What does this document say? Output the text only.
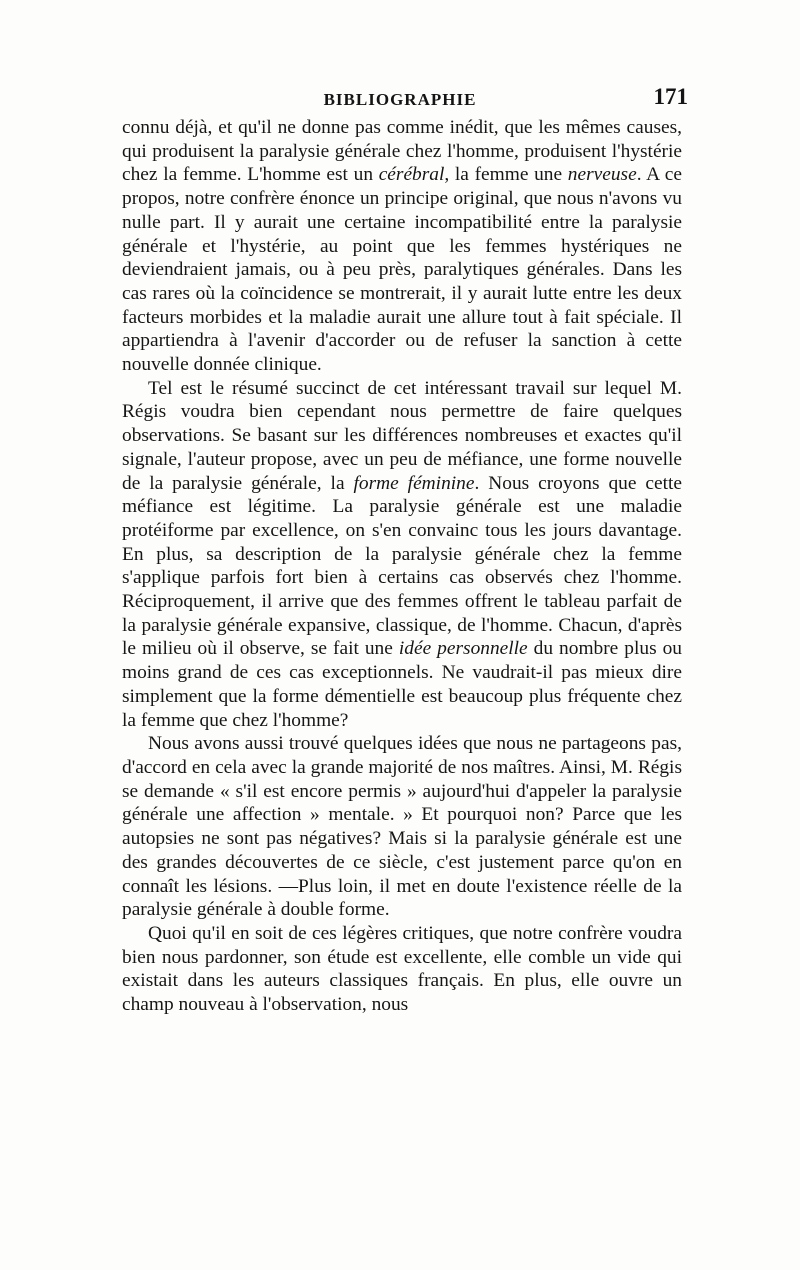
BIBLIOGRAPHIE	171

connu déjà, et qu'il ne donne pas comme inédit, que les mêmes causes, qui produisent la paralysie générale chez l'homme, produisent l'hystérie chez la femme. L'homme est un cérébral, la femme une nerveuse. A ce propos, notre confrère énonce un principe original, que nous n'avons vu nulle part. Il y aurait une certaine incompatibilité entre la paralysie générale et l'hystérie, au point que les femmes hystériques ne deviendraient jamais, ou à peu près, paralytiques générales. Dans les cas rares où la coïncidence se montrerait, il y aurait lutte entre les deux facteurs morbides et la maladie aurait une allure tout à fait spéciale. Il appartiendra à l'avenir d'accorder ou de refuser la sanction à cette nouvelle donnée clinique.

Tel est le résumé succinct de cet intéressant travail sur lequel M. Régis voudra bien cependant nous permettre de faire quelques observations. Se basant sur les différences nombreuses et exactes qu'il signale, l'auteur propose, avec un peu de méfiance, une forme nouvelle de la paralysie générale, la forme féminine. Nous croyons que cette méfiance est légitime. La paralysie générale est une maladie protéiforme par excellence, on s'en convainc tous les jours davantage. En plus, sa description de la paralysie générale chez la femme s'applique parfois fort bien à certains cas observés chez l'homme. Réciproquement, il arrive que des femmes offrent le tableau parfait de la paralysie générale expansive, classique, de l'homme. Chacun, d'après le milieu où il observe, se fait une idée personnelle du nombre plus ou moins grand de ces cas exceptionnels. Ne vaudrait-il pas mieux dire simplement que la forme démentielle est beaucoup plus fréquente chez la femme que chez l'homme?

Nous avons aussi trouvé quelques idées que nous ne partageons pas, d'accord en cela avec la grande majorité de nos maîtres. Ainsi, M. Régis se demande « s'il est encore permis » aujourd'hui d'appeler la paralysie générale une affection » mentale. » Et pourquoi non? Parce que les autopsies ne sont pas négatives? Mais si la paralysie générale est une des grandes découvertes de ce siècle, c'est justement parce qu'on en connaît les lésions. —Plus loin, il met en doute l'existence réelle de la paralysie générale à double forme.

Quoi qu'il en soit de ces légères critiques, que notre confrère voudra bien nous pardonner, son étude est excellente, elle comble un vide qui existait dans les auteurs classiques français. En plus, elle ouvre un champ nouveau à l'observation, nous
